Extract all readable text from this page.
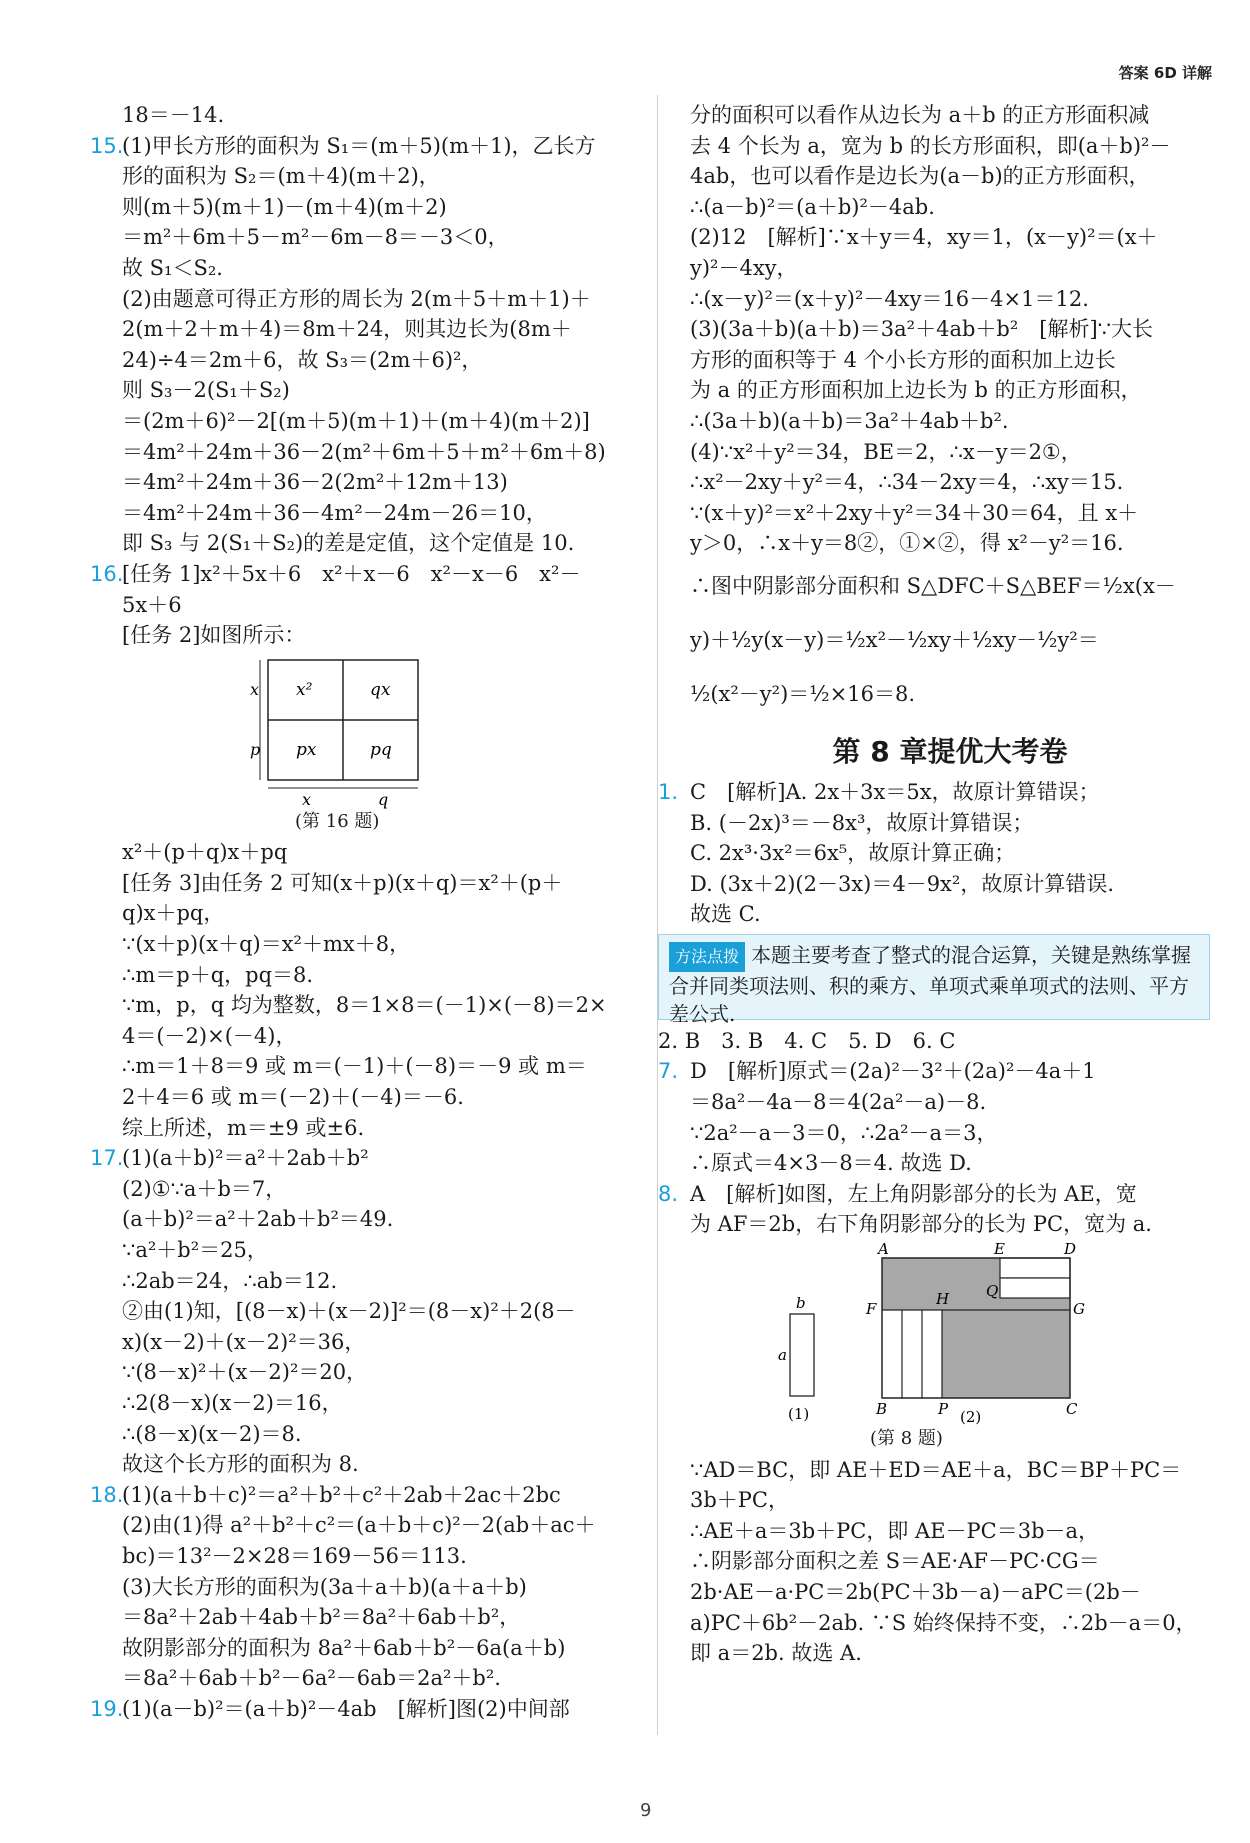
答案 6D 详解
18＝－14.
15.(1)甲长方形的面积为 S₁＝(m＋5)(m＋1)，乙长方
形的面积为 S₂＝(m＋4)(m＋2)，
则(m＋5)(m＋1)－(m＋4)(m＋2)
＝m²＋6m＋5－m²－6m－8＝－3＜0，
故 S₁＜S₂.
(2)由题意可得正方形的周长为 2(m＋5＋m＋1)＋
2(m＋2＋m＋4)＝8m＋24，则其边长为(8m＋
24)÷4＝2m＋6，故 S₃＝(2m＋6)²，
则 S₃－2(S₁＋S₂)
＝(2m＋6)²－2[(m＋5)(m＋1)＋(m＋4)(m＋2)]
＝4m²＋24m＋36－2(m²＋6m＋5＋m²＋6m＋8)
＝4m²＋24m＋36－2(2m²＋12m＋13)
＝4m²＋24m＋36－4m²－24m－26＝10，
即 S₃ 与 2(S₁＋S₂)的差是定值，这个定值是 10.
16.[任务 1]x²＋5x＋6　x²＋x－6　x²－x－6　x²－
5x＋6
[任务 2]如图所示：
x²	qx
px	pq
x
p
x	q
(第 16 题)
x²＋(p＋q)x＋pq
[任务 3]由任务 2 可知(x＋p)(x＋q)＝x²＋(p＋
q)x＋pq，
∵(x＋p)(x＋q)＝x²＋mx＋8，
∴m＝p＋q，pq＝8.
∵m，p，q 均为整数，8＝1×8＝(－1)×(－8)＝2×
4＝(－2)×(－4)，
∴m＝1＋8＝9 或 m＝(－1)＋(－8)＝－9 或 m＝
2＋4＝6 或 m＝(－2)＋(－4)＝－6.
综上所述，m＝±9 或±6.
17.(1)(a＋b)²＝a²＋2ab＋b²
(2)①∵a＋b＝7，
(a＋b)²＝a²＋2ab＋b²＝49.
∵a²＋b²＝25，
∴2ab＝24，∴ab＝12.
②由(1)知，[(8－x)＋(x－2)]²＝(8－x)²＋2(8－
x)(x－2)＋(x－2)²＝36，
∵(8－x)²＋(x－2)²＝20，
∴2(8－x)(x－2)＝16，
∴(8－x)(x－2)＝8.
故这个长方形的面积为 8.
18.(1)(a＋b＋c)²＝a²＋b²＋c²＋2ab＋2ac＋2bc
(2)由(1)得 a²＋b²＋c²＝(a＋b＋c)²－2(ab＋ac＋
bc)＝13²－2×28＝169－56＝113.
(3)大长方形的面积为(3a＋a＋b)(a＋a＋b)
＝8a²＋2ab＋4ab＋b²＝8a²＋6ab＋b²，
故阴影部分的面积为 8a²＋6ab＋b²－6a(a＋b)
＝8a²＋6ab＋b²－6a²－6ab＝2a²＋b².
19.(1)(a－b)²＝(a＋b)²－4ab　[解析]图(2)中间部
分的面积可以看作从边长为 a＋b 的正方形面积减
去 4 个长为 a，宽为 b 的长方形面积，即(a＋b)²－
4ab，也可以看作是边长为(a－b)的正方形面积，
∴(a－b)²＝(a＋b)²－4ab.
(2)12　[解析]∵x＋y＝4，xy＝1，(x－y)²＝(x＋
y)²－4xy，
∴(x－y)²＝(x＋y)²－4xy＝16－4×1＝12.
(3)(3a＋b)(a＋b)＝3a²＋4ab＋b²　[解析]∵大长
方形的面积等于 4 个小长方形的面积加上边长
为 a 的正方形面积加上边长为 b 的正方形面积，
∴(3a＋b)(a＋b)＝3a²＋4ab＋b².
(4)∵x²＋y²＝34，BE＝2，∴x－y＝2①，
∴x²－2xy＋y²＝4，∴34－2xy＝4，∴xy＝15.
∵(x＋y)²＝x²＋2xy＋y²＝34＋30＝64，且 x＋
y＞0，∴x＋y＝8②，①×②，得 x²－y²＝16.
∴图中阴影部分面积和 S△DFC＋S△BEF＝½x(x－
y)＋½y(x－y)＝½x²－½xy＋½xy－½y²＝
½(x²－y²)＝½×16＝8.
第 8 章提优大考卷
1. C　[解析]A. 2x＋3x＝5x，故原计算错误；
B. (－2x)³＝－8x³，故原计算错误；
C. 2x³·3x²＝6x⁵，故原计算正确；
D. (3x＋2)(2－3x)＝4－9x²，故原计算错误.
故选 C.
方法点拨 本题主要考查了整式的混合运算，关键是熟练掌握合并同类项法则、积的乘方、单项式乘单项式的法则、平方差公式.
2. B　3. B　4. C　5. D　6. C
7. D　[解析]原式＝(2a)²－3²＋(2a)²－4a＋1
＝8a²－4a－8＝4(2a²－a)－8.
∵2a²－a－3＝0，∴2a²－a＝3，
∴原式＝4×3－8＝4. 故选 D.
8. A　[解析]如图，左上角阴影部分的长为 AE，宽
为 AF＝2b，右下角阴影部分的长为 PC，宽为 a.
b
a
(1)
A	E	D
F
H Q
G
B	P	C
(2)
(第 8 题)
∵AD＝BC，即 AE＋ED＝AE＋a，BC＝BP＋PC＝
3b＋PC，
∴AE＋a＝3b＋PC，即 AE－PC＝3b－a，
∴阴影部分面积之差 S＝AE·AF－PC·CG＝
2b·AE－a·PC＝2b(PC＋3b－a)－aPC＝(2b－
a)PC＋6b²－2ab. ∵S 始终保持不变，∴2b－a＝0，
即 a＝2b. 故选 A.
9
